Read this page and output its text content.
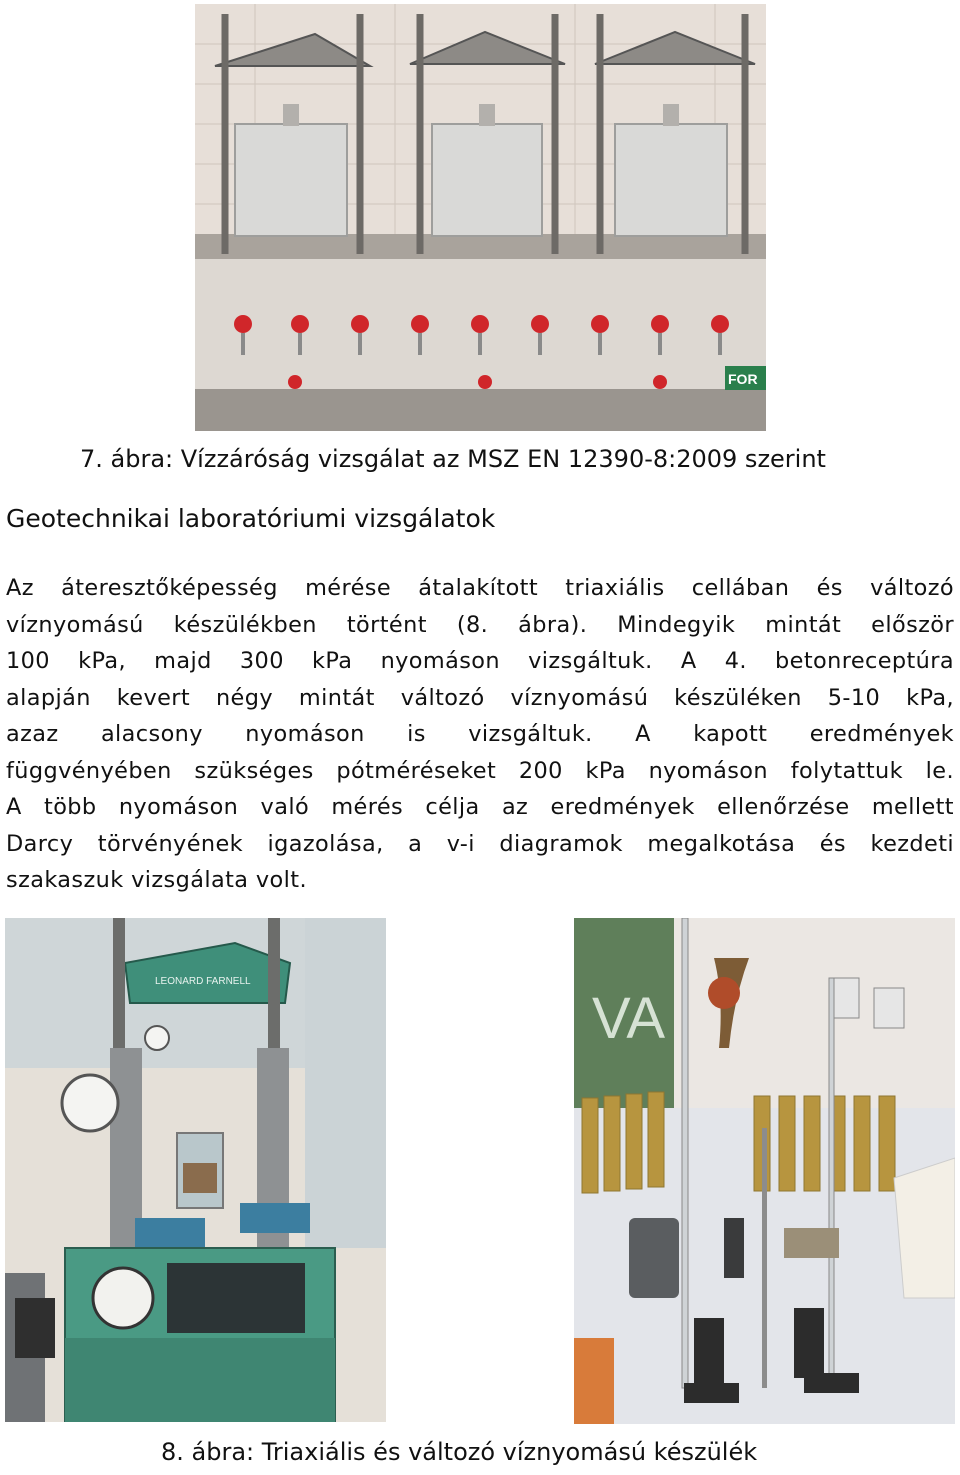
FOR
7. ábra: Vízzáróság vizsgálat az MSZ EN 12390-8:2009 szerint
Geotechnikai laboratóriumi vizsgálatok

Az áteresztőképesség mérése átalakított triaxiális cellában és változó
víznyomású készülékben történt (8. ábra). Mindegyik mintát először
100 kPa, majd 300 kPa nyomáson vizsgáltuk. A 4. betonreceptúra
alapján kevert négy mintát változó víznyomású készüléken 5-10 kPa,
azaz alacsony nyomáson is vizsgáltuk. A kapott eredmények
függvényében szükséges pótméréseket 200 kPa nyomáson folytattuk le.
A több nyomáson való mérés célja az eredmények ellenőrzése mellett
Darcy törvényének igazolása, a v-i diagramok megalkotása és kezdeti
szakaszuk vizsgálata volt.

LEONARD FARNELL
VA
8. ábra: Triaxiális és változó víznyomású készülék
